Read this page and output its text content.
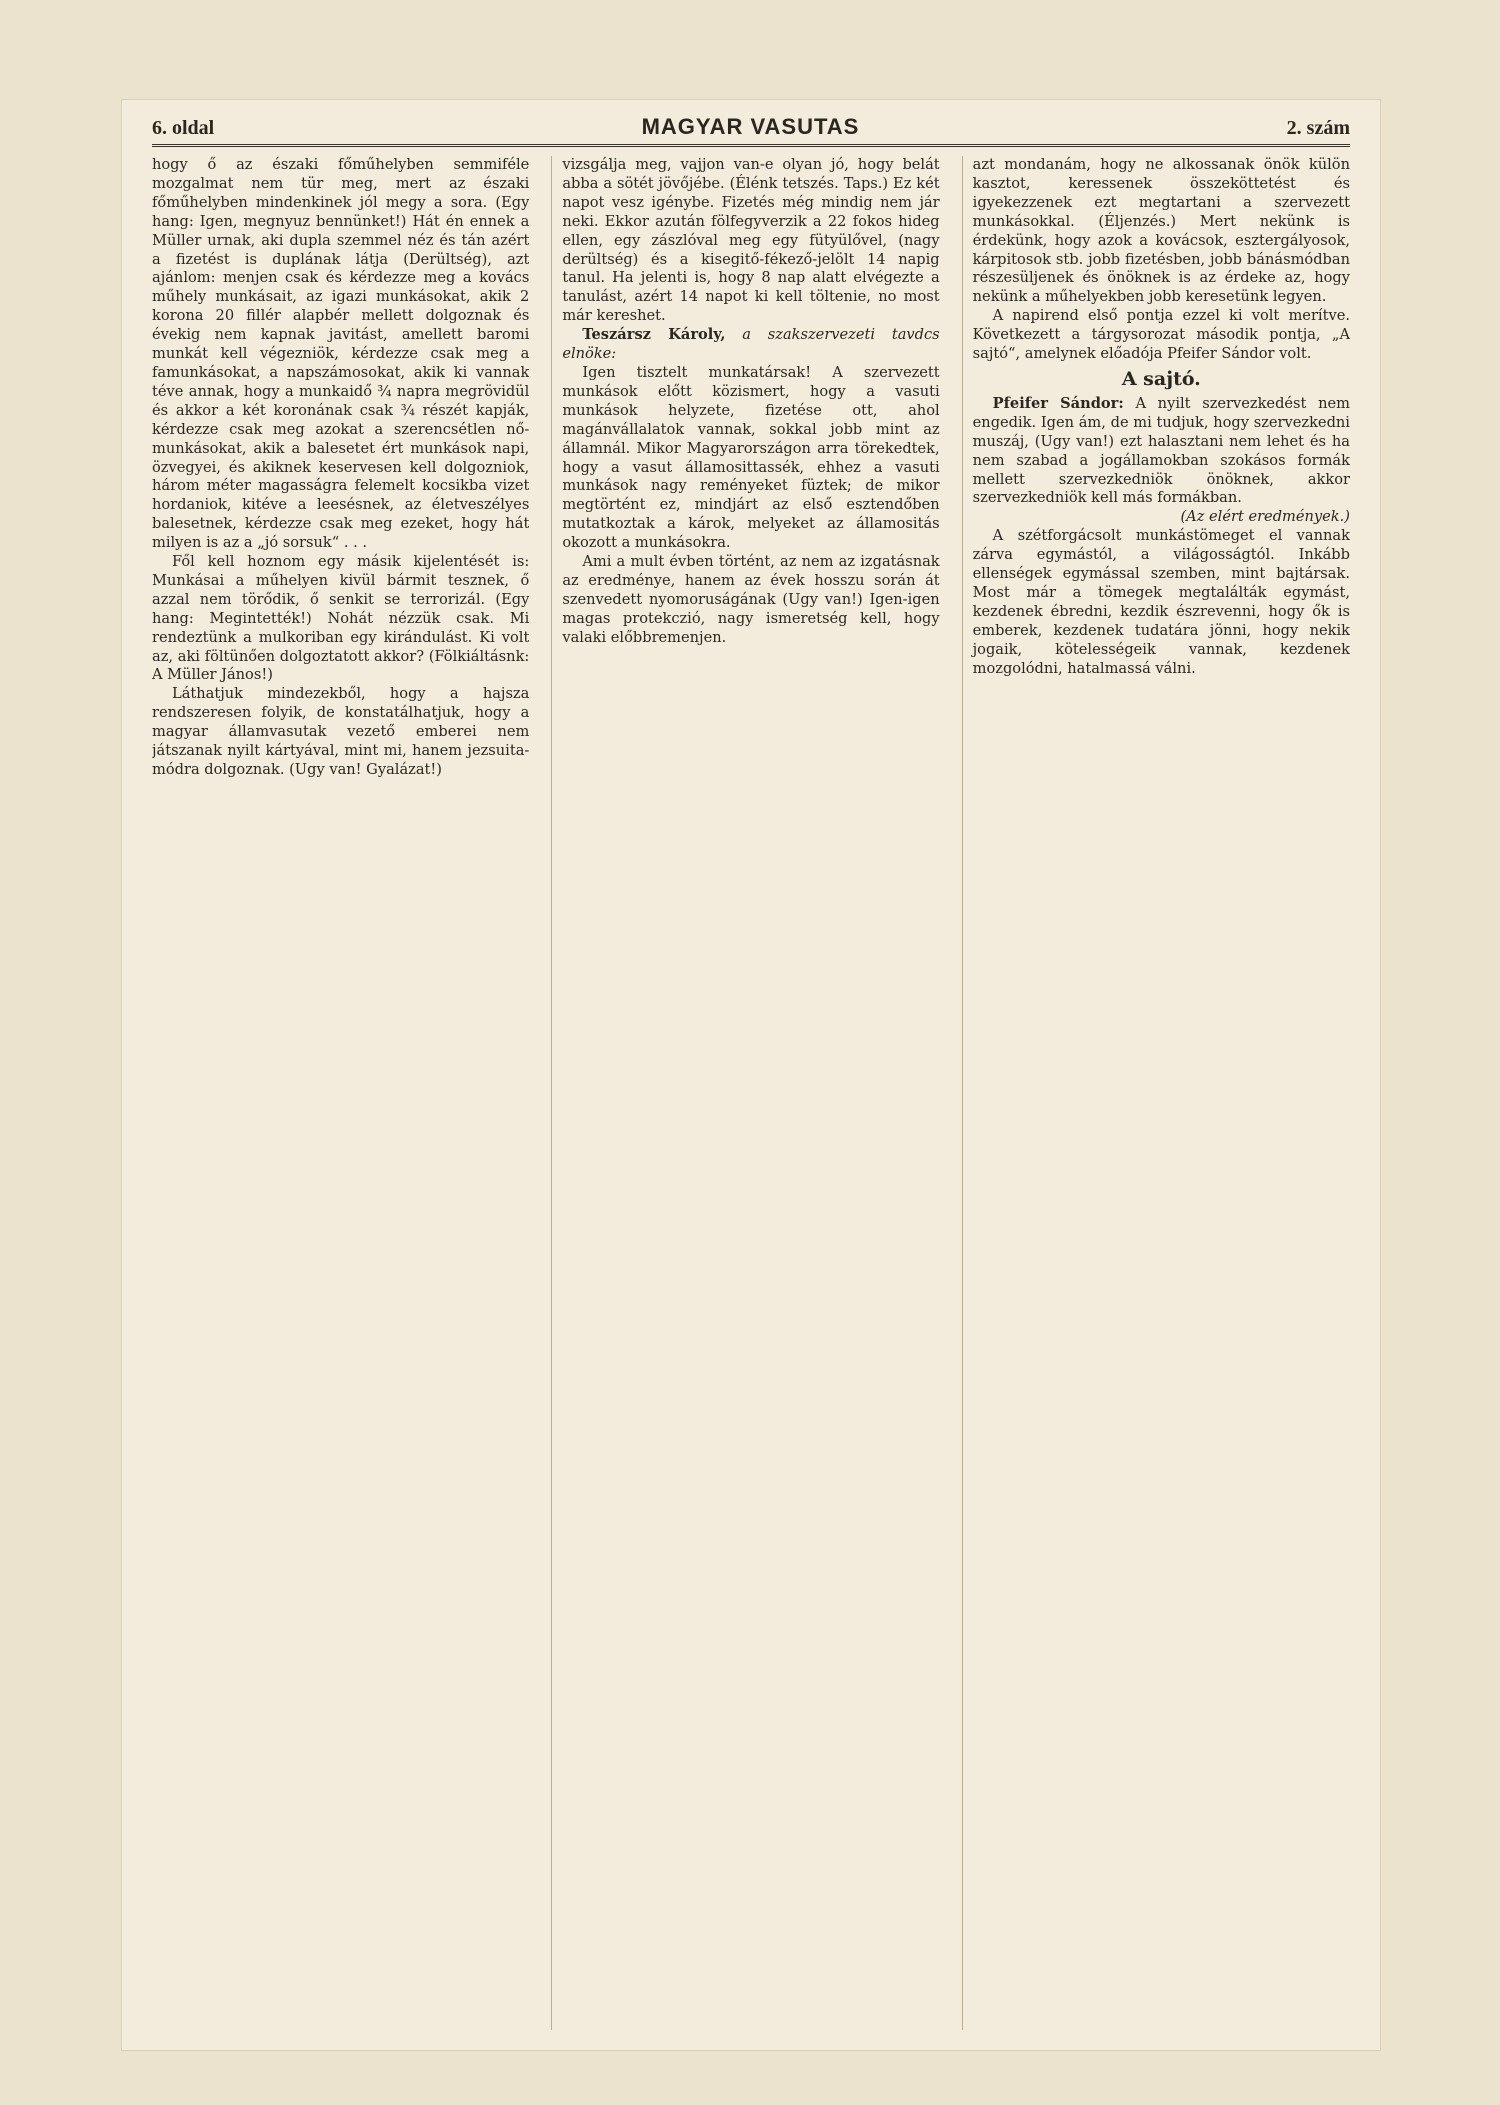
6. oldal	MAGYAR VASUTAS	2. szám

hogy ő az északi főműhelyben semmiféle mozgalmat nem tür meg, mert az északi főműhelyben mindenkinek jól megy a sora. (Egy hang: Igen, megnyuz bennünket!) Hát én ennek a Müller urnak, aki dupla szemmel néz és tán azért a fizetést is duplának látja (Derültség), azt ajánlom: menjen csak és kérdezze meg a kovács műhely munkásait, az igazi munkásokat, akik 2 korona 20 fillér alapbér mellett dolgoznak és évekig nem kapnak javitást, amellett baromi munkát kell végezniök, kérdezze csak meg a famunkásokat, a napszámosokat, akik ki vannak téve annak, hogy a munkaidő ¾ napra megrövidül és akkor a két koronának csak ¾ részét kapják, kérdezze csak meg azokat a szerencsétlen nő-munkásokat, akik a balesetet ért munkások napi, özvegyei, és akiknek keservesen kell dolgozniok, három méter magasságra felemelt kocsikba vizet hordaniok, kitéve a leesésnek, az életveszélyes balesetnek, kérdezze csak meg ezeket, hogy hát milyen is az a „jó sorsuk“ . . .

Fől kell hoznom egy másik kijelentését is: Munkásai a műhelyen kivül bármit tesznek, ő azzal nem törődik, ő senkit se terrorizál. (Egy hang: Megintették!) Nohát nézzük csak. Mi rendeztünk a mulkoriban egy kirándulást. Ki volt az, aki föltünően dolgoztatott akkor? (Fölkiáltásnk: A Müller János!)

Láthatjuk mindezekből, hogy a hajsza rendszeresen folyik, de konstatálhatjuk, hogy a magyar államvasutak vezető emberei nem játszanak nyilt kártyával, mint mi, hanem jezsuita-módra dolgoznak. (Ugy van! Gyalázat!)

vizsgálja meg, vajjon van-e olyan jó, hogy belát abba a sötét jövőjébe. (Élénk tetszés. Taps.) Ez két napot vesz igénybe. Fizetés még mindig nem jár neki. Ekkor azután fölfegyverzik a 22 fokos hideg ellen, egy zászlóval meg egy fütyülővel, (nagy derültség) és a kisegitő-fékező-jelölt 14 napig tanul. Ha jelenti is, hogy 8 nap alatt elvégezte a tanulást, azért 14 napot ki kell töltenie, no most már kereshet.

Teszársz Károly, a szakszervezeti tavdcs elnöke:

Igen tisztelt munkatársak! A szervezett munkások előtt közismert, hogy a vasuti munkások helyzete, fizetése ott, ahol magánvállalatok vannak, sokkal jobb mint az államnál. Mikor Magyarországon arra törekedtek, hogy a vasut államosittassék, ehhez a vasuti munkások nagy reményeket füztek; de mikor megtörtént ez, mindjárt az első esztendőben mutatkoztak a károk, melyeket az államositás okozott a munkásokra.

Ami a mult évben történt, az nem az izgatásnak az eredménye, hanem az évek hosszu során át szenvedett nyomoruságának (Ugy van!) Igen-igen magas protekczió, nagy ismeretség kell, hogy valaki előbbremenjen.

azt mondanám, hogy ne alkossanak önök külön kasztot, keressenek összeköttetést és igyekezzenek ezt megtartani a szervezett munkásokkal. (Éljenzés.) Mert nekünk is érdekünk, hogy azok a kovácsok, esztergályosok, kárpitosok stb. jobb fizetésben, jobb bánásmódban részesüljenek és önöknek is az érdeke az, hogy nekünk a műhelyekben jobb keresetünk legyen.

A napirend első pontja ezzel ki volt merítve. Következett a tárgysorozat második pontja, „A sajtó“, amelynek előadója Pfeifer Sándor volt.

A sajtó.

Pfeifer Sándor: A nyilt szervezkedést nem engedik. Igen ám, de mi tudjuk, hogy szervezkedni muszáj, (Ugy van!) ezt halasztani nem lehet és ha nem szabad a jogállamokban szokásos formák mellett szervezkedniök önöknek, akkor szervezkedniök kell más formákban.

(Az elért eredmények.)

A szétforgácsolt munkástömeget el vannak zárva egymástól, a világosságtól. Inkább ellenségek egymással szemben, mint bajtársak. Most már a tömegek megtalálták egymást, kezdenek ébredni, kezdik észrevenni, hogy ők is emberek, kezdenek tudatára jönni, hogy nekik jogaik, kötelességeik vannak, kezdenek mozgolódni, hatalmassá válni.
